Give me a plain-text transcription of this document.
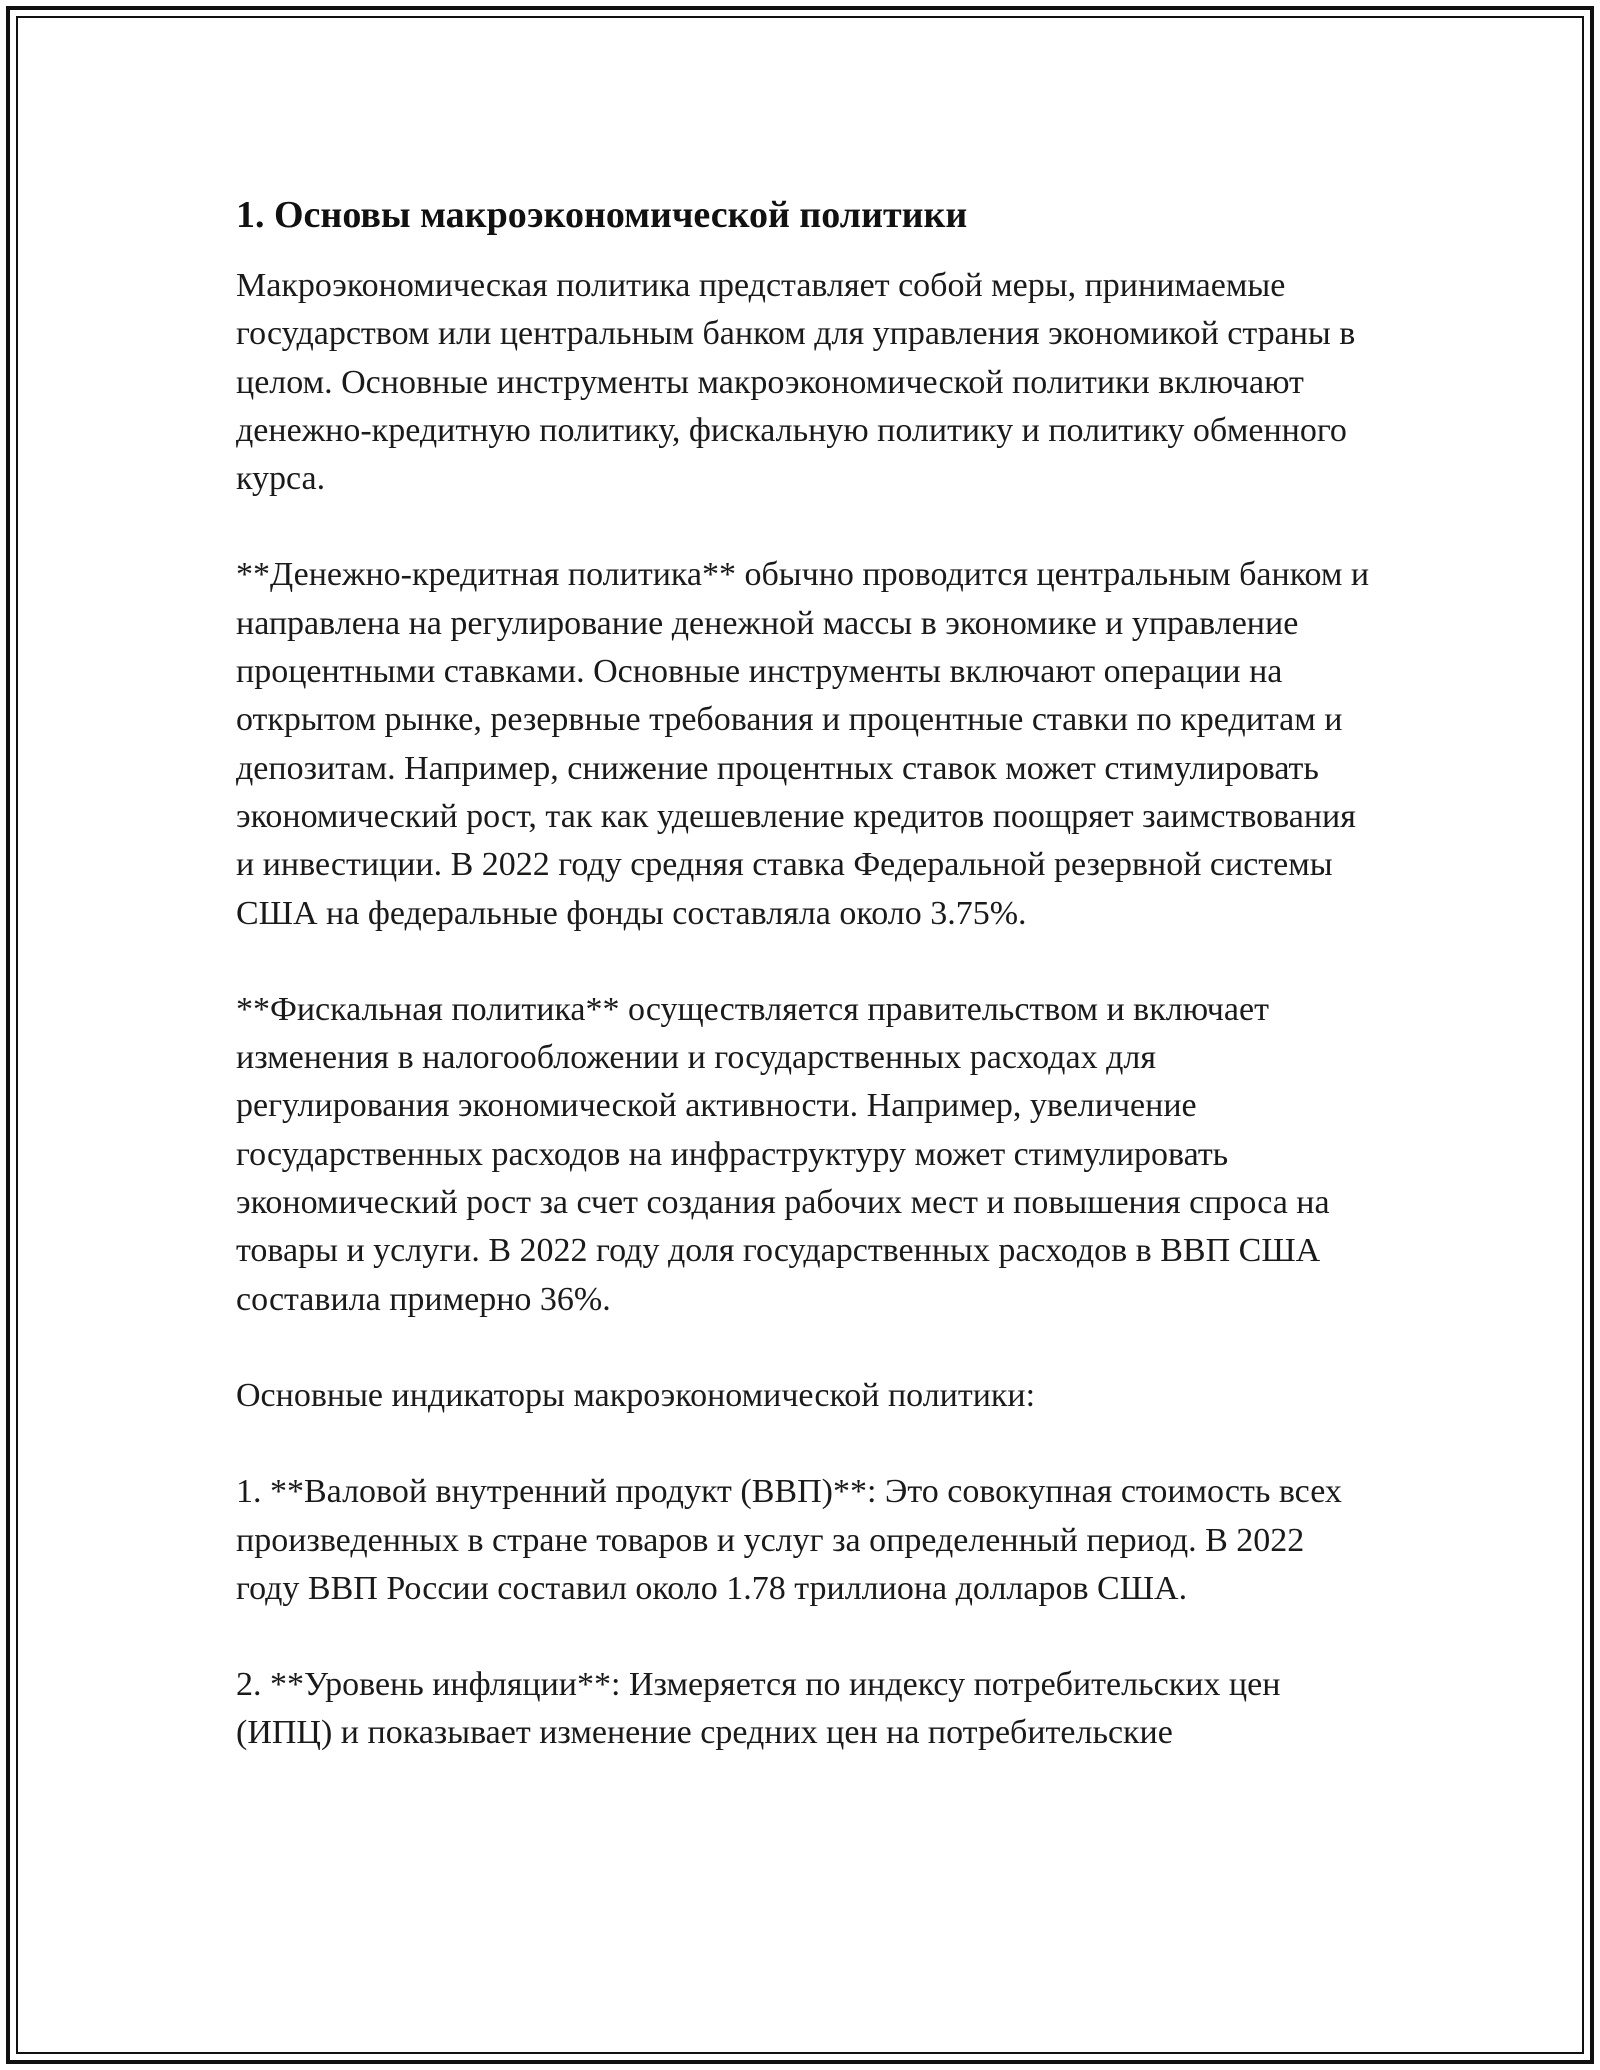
1. Основы макроэкономической политики

Макроэкономическая политика представляет собой меры, принимаемые государством или центральным банком для управления экономикой страны в целом. Основные инструменты макроэкономической политики включают денежно-кредитную политику, фискальную политику и политику обменного курса.

**Денежно-кредитная политика** обычно проводится центральным банком и направлена на регулирование денежной массы в экономике и управление процентными ставками. Основные инструменты включают операции на открытом рынке, резервные требования и процентные ставки по кредитам и депозитам. Например, снижение процентных ставок может стимулировать экономический рост, так как удешевление кредитов поощряет заимствования и инвестиции. В 2022 году средняя ставка Федеральной резервной системы США на федеральные фонды составляла около 3.75%.

**Фискальная политика** осуществляется правительством и включает изменения в налогообложении и государственных расходах для регулирования экономической активности. Например, увеличение государственных расходов на инфраструктуру может стимулировать экономический рост за счет создания рабочих мест и повышения спроса на товары и услуги. В 2022 году доля государственных расходов в ВВП США составила примерно 36%.

Основные индикаторы макроэкономической политики:

1. **Валовой внутренний продукт (ВВП)**: Это совокупная стоимость всех произведенных в стране товаров и услуг за определенный период. В 2022 году ВВП России составил около 1.78 триллиона долларов США.

2. **Уровень инфляции**: Измеряется по индексу потребительских цен (ИПЦ) и показывает изменение средних цен на потребительские
